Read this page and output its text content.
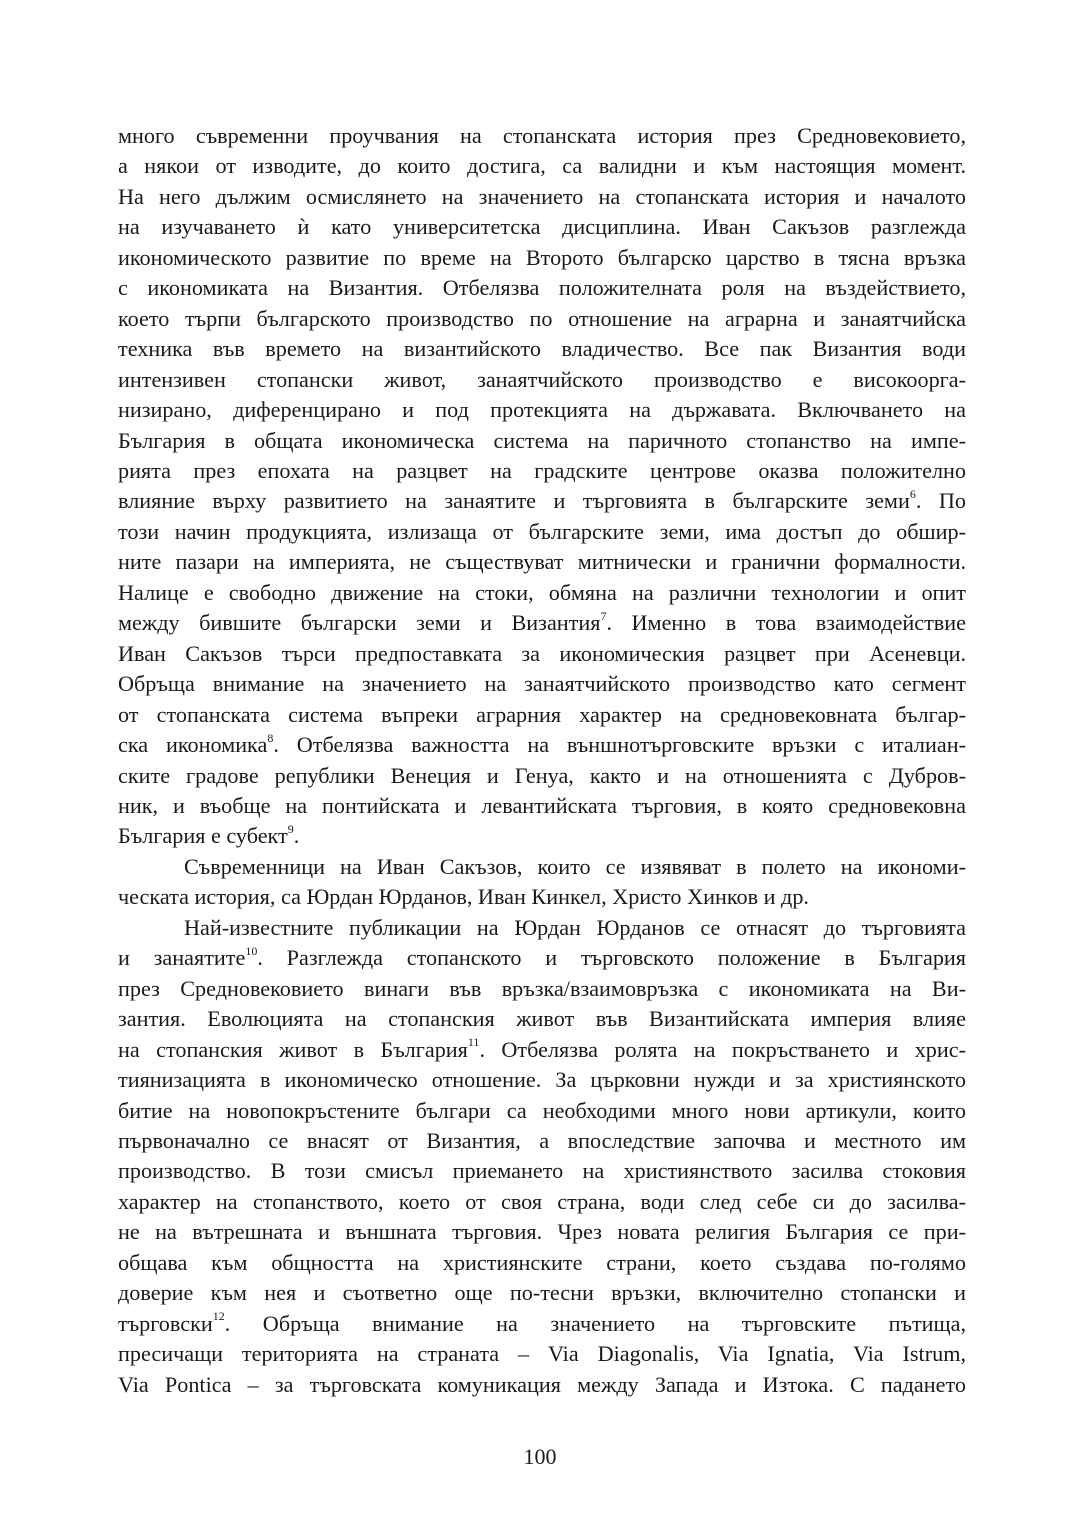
много съвременни проучвания на стопанската история през Средновековието,
а някои от изводите, до които достига, са валидни и към настоящия момент.
На него дължим осмислянето на значението на стопанската история и началото
на изучаването ѝ като университетска дисциплина. Иван Сакъзов разглежда
икономическото развитие по време на Второто българско царство в тясна връзка
с икономиката на Византия. Отбелязва положителната роля на въздействието,
което търпи българското производство по отношение на аграрна и занаятчийска
техника във времето на византийското владичество. Все пак Византия води
интензивен стопански живот, занаятчийското производство е високоорга-
низирано, диференцирано и под протекцията на държавата. Включването на
България в общата икономическа система на паричното стопанство на импе-
рията през епохата на разцвет на градските центрове оказва положително
влияние върху развитието на занаятите и търговията в българските земи$^6$. По
този начин продукцията, излизаща от българските земи, има достъп до обшир-
ните пазари на империята, не съществуват митнически и гранични формалности.
Налице е свободно движение на стоки, обмяна на различни технологии и опит
между бившите български земи и Византия$^7$. Именно в това взаимодействие
Иван Сакъзов търси предпоставката за икономическия разцвет при Асеневци.
Обръща внимание на значението на занаятчийското производство като сегмент
от стопанската система въпреки аграрния характер на средновековната българ-
ска икономика$^8$. Отбелязва важността на външнотърговските връзки с италиан-
ските градове републики Венеция и Генуа, както и на отношенията с Дубров-
ник, и въобще на понтийската и левантийската търговия, в която средновековна
България е субект$^9$.

Съвременници на Иван Сакъзов, които се изявяват в полето на икономи-
ческата история, са Юрдан Юрданов, Иван Кинкел, Христо Хинков и др.

Най-известните публикации на Юрдан Юрданов се отнасят до търговията
и занаятите$^{10}$. Разглежда стопанското и търговското положение в България
през Средновековието винаги във връзка/взаимовръзка с икономиката на Ви-
зантия. Еволюцията на стопанския живот във Византийската империя влияе
на стопанския живот в България$^{11}$. Отбелязва ролята на покръстването и хрис-
тиянизацията в икономическо отношение. За църковни нужди и за християнското
битие на новопокръстените българи са необходими много нови артикули, които
първоначално се внасят от Византия, а впоследствие започва и местното им
производство. В този смисъл приемането на християнството засилва стоковия
характер на стопанството, което от своя страна, води след себе си до засилва-
не на вътрешната и външната търговия. Чрез новата религия България се при-
общава към общността на християнските страни, което създава по-голямо
доверие към нея и съответно още по-тесни връзки, включително стопански и
търговски$^{12}$. Обръща внимание на значението на търговските пътища,
пресичащи територията на страната – Via Diagonalis, Via Ignatia, Via Istrum,
Via Pontica – за търговската комуникация между Запада и Изтока. С падането

100
